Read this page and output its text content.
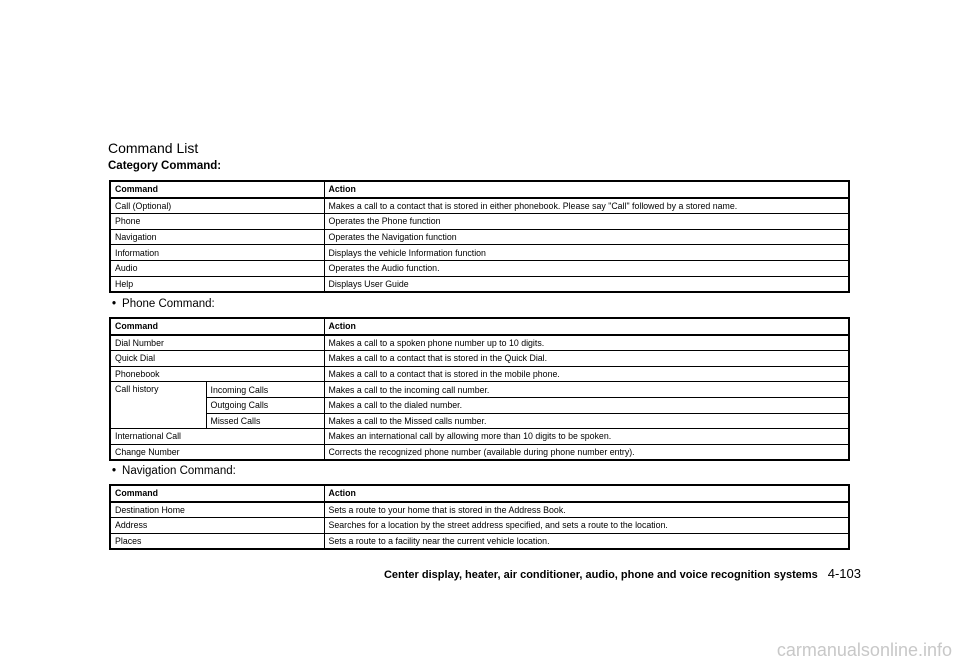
Command List
Category Command:
Command	Action
Call (Optional)	Makes a call to a contact that is stored in either phonebook. Please say "Call" followed by a stored name.
Phone	Operates the Phone function
Navigation	Operates the Navigation function
Information	Displays the vehicle Information function
Audio	Operates the Audio function.
Help	Displays User Guide
• Phone Command:
Command		Action
Dial Number		Makes a call to a spoken phone number up to 10 digits.
Quick Dial		Makes a call to a contact that is stored in the Quick Dial.
Phonebook		Makes a call to a contact that is stored in the mobile phone.
Call history	Incoming Calls	Makes a call to the incoming call number.
	Outgoing Calls	Makes a call to the dialed number.
	Missed Calls	Makes a call to the Missed calls number.
International Call		Makes an international call by allowing more than 10 digits to be spoken.
Change Number		Corrects the recognized phone number (available during phone number entry).
• Navigation Command:
Command	Action
Destination Home	Sets a route to your home that is stored in the Address Book.
Address	Searches for a location by the street address specified, and sets a route to the location.
Places	Sets a route to a facility near the current vehicle location.
Center display, heater, air conditioner, audio, phone and voice recognition systems 4-103
carmanualsonline.info
